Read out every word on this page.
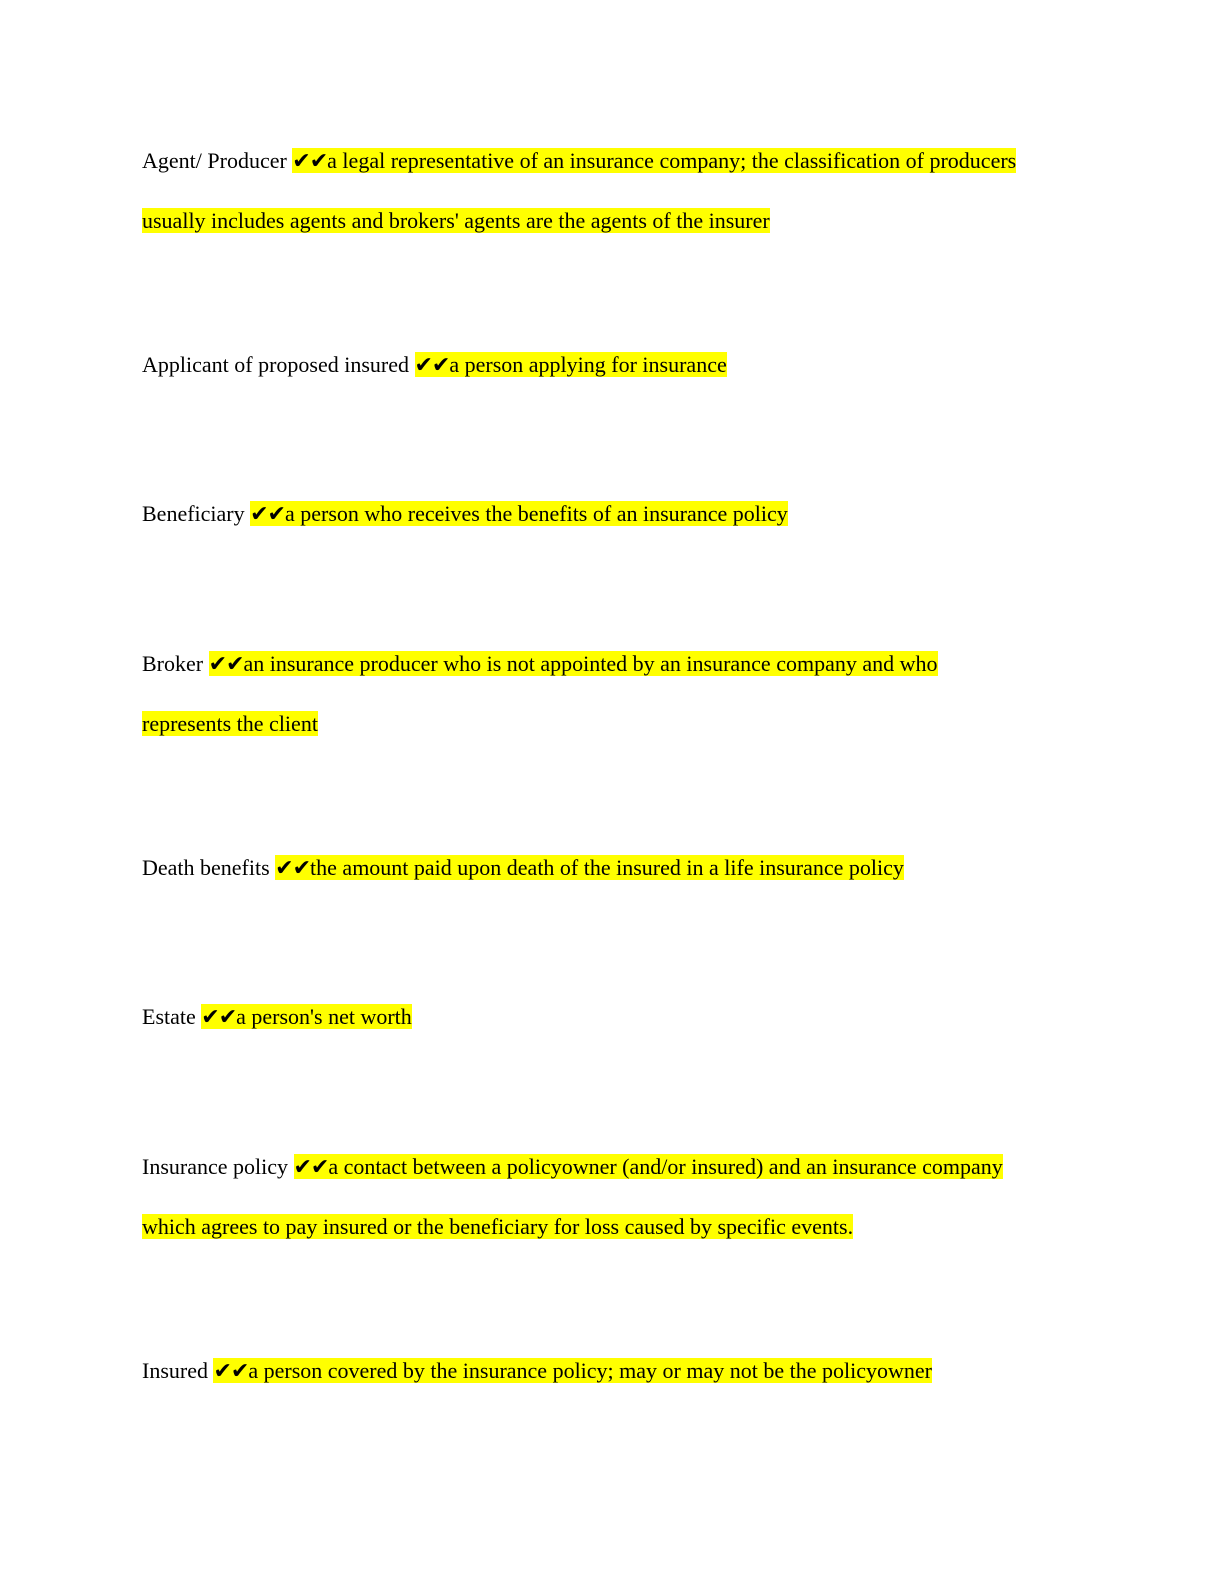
Agent/ Producer ✔✔a legal representative of an insurance company; the classification of producers usually includes agents and brokers' agents are the agents of the insurer

Applicant of proposed insured ✔✔a person applying for insurance

Beneficiary ✔✔a person who receives the benefits of an insurance policy

Broker ✔✔an insurance producer who is not appointed by an insurance company and who represents the client

Death benefits ✔✔the amount paid upon death of the insured in a life insurance policy

Estate ✔✔a person's net worth

Insurance policy ✔✔a contact between a policyowner (and/or insured) and an insurance company which agrees to pay insured or the beneficiary for loss caused by specific events.

Insured ✔✔a person covered by the insurance policy; may or may not be the policyowner
